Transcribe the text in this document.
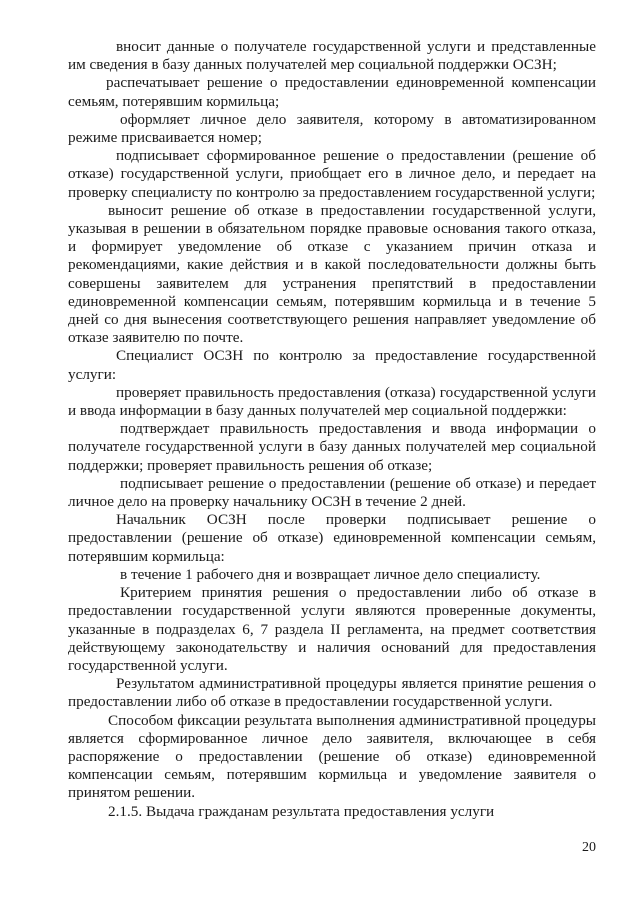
вносит данные о получателе государственной услуги и представленные им сведения в базу данных получателей мер социальной поддержки ОСЗН;

распечатывает решение о предоставлении единовременной компенсации семьям, потерявшим кормильца;

оформляет личное дело заявителя, которому в автоматизированном режиме присваивается номер;

подписывает сформированное решение о предоставлении (решение об отказе) государственной услуги, приобщает его в личное дело, и передает на проверку специалисту по контролю за предоставлением государственной услуги;

выносит решение об отказе в предоставлении государственной услуги, указывая в решении в обязательном порядке правовые основания такого отказа, и формирует уведомление об отказе с указанием причин отказа и рекомендациями, какие действия и в какой последовательности должны быть совершены заявителем для устранения препятствий в предоставлении единовременной компенсации семьям, потерявшим кормильца и в течение 5 дней со дня вынесения соответствующего решения направляет уведомление об отказе заявителю по почте.

Специалист ОСЗН по контролю за предоставление государственной услуги:

проверяет правильность предоставления (отказа) государственной услуги и ввода информации в базу данных получателей мер социальной поддержки:

подтверждает правильность предоставления и ввода информации о получателе государственной услуги в базу данных получателей мер социальной поддержки; проверяет правильность решения об отказе;

подписывает решение о предоставлении (решение об отказе) и передает личное дело на проверку начальнику ОСЗН в течение 2 дней.

Начальник ОСЗН после проверки подписывает решение о предоставлении (решение об отказе) единовременной компенсации семьям, потерявшим кормильца:

в течение 1 рабочего дня и возвращает личное дело специалисту.

Критерием принятия решения о предоставлении либо об отказе в предоставлении государственной услуги являются проверенные документы, указанные в подразделах 6, 7 раздела II регламента, на предмет соответствия действующему законодательству и наличия оснований для предоставления государственной услуги.

Результатом административной процедуры является принятие решения о предоставлении либо об отказе в предоставлении государственной услуги.

Способом фиксации результата выполнения административной процедуры является сформированное личное дело заявителя, включающее в себя распоряжение о предоставлении (решение об отказе) единовременной компенсации семьям, потерявшим кормильца и уведомление заявителя о принятом решении.

2.1.5. Выдача гражданам результата предоставления услуги

20
